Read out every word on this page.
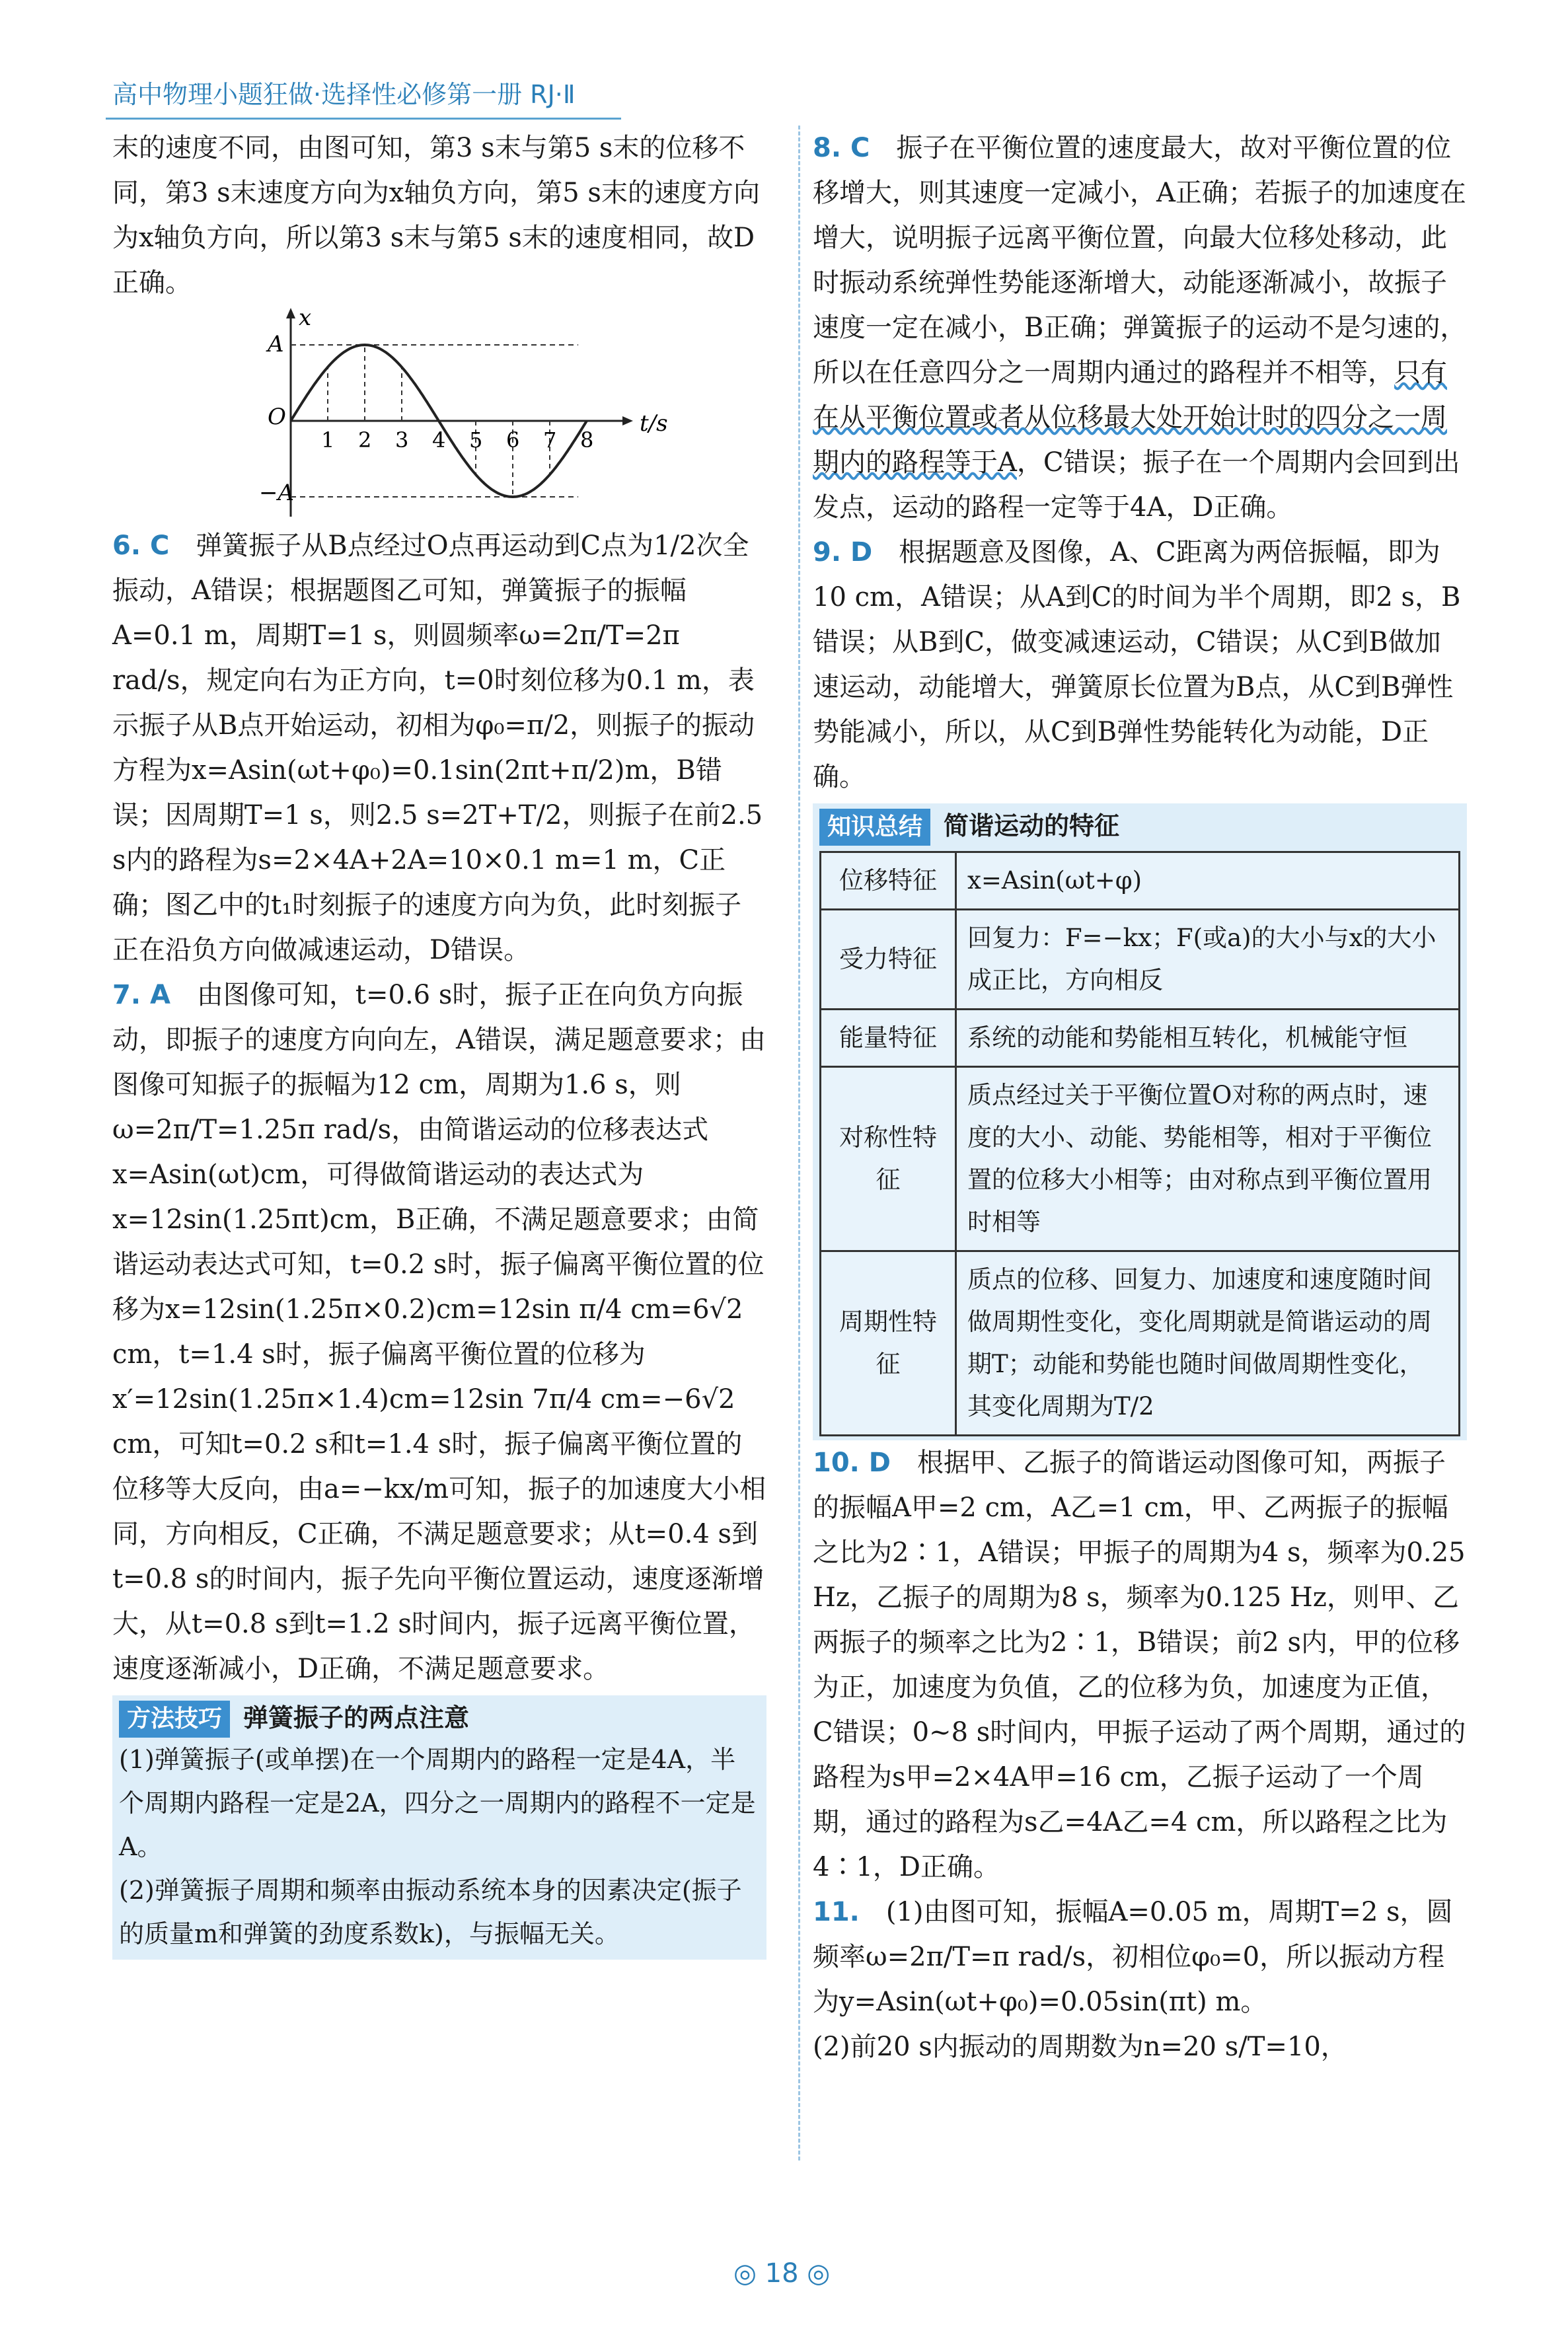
高中物理小题狂做·选择性必修第一册 RJ·Ⅱ

末的速度不同，由图可知，第3 s末与第5 s末的位移不同，第3 s末速度方向为x轴负方向，第5 s末的速度方向为x轴负方向，所以第3 s末与第5 s末的速度相同，故D正确。

x
t/s
A
O
−A
1 2 3 4 5 6 7 8

6. C　 弹簧振子从B点经过O点再运动到C点为1/2次全振动，A错误；根据题图乙可知，弹簧振子的振幅A=0.1 m，周期T=1 s，则圆频率ω=2π/T=2π rad/s，规定向右为正方向，t=0时刻位移为0.1 m，表示振子从B点开始运动，初相为φ₀=π/2，则振子的振动方程为x=Asin(ωt+φ₀)=0.1sin(2πt+π/2)m，B错误；因周期T=1 s，则2.5 s=2T+T/2，则振子在前2.5 s内的路程为s=2×4A+2A=10×0.1 m=1 m，C正确；图乙中的t₁时刻振子的速度方向为负，此时刻振子正在沿负方向做减速运动，D错误。

7. A　 由图像可知，t=0.6 s时，振子正在向负方向振动，即振子的速度方向向左，A错误，满足题意要求；由图像可知振子的振幅为12 cm，周期为1.6 s，则ω=2π/T=1.25π rad/s，由简谐运动的位移表达式x=Asin(ωt)cm，可得做简谐运动的表达式为x=12sin(1.25πt)cm，B正确，不满足题意要求；由简谐运动表达式可知，t=0.2 s时，振子偏离平衡位置的位移为x=12sin(1.25π×0.2)cm=12sin π/4 cm=6√2 cm，t=1.4 s时，振子偏离平衡位置的位移为x′=12sin(1.25π×1.4)cm=12sin 7π/4 cm=−6√2 cm，可知t=0.2 s和t=1.4 s时，振子偏离平衡位置的位移等大反向，由a=−kx/m可知，振子的加速度大小相同，方向相反，C正确，不满足题意要求；从t=0.4 s到t=0.8 s的时间内，振子先向平衡位置运动，速度逐渐增大，从t=0.8 s到t=1.2 s时间内，振子远离平衡位置，速度逐渐减小，D正确，不满足题意要求。

方法技巧 弹簧振子的两点注意
(1)弹簧振子(或单摆)在一个周期内的路程一定是4A，半个周期内路程一定是2A，四分之一周期内的路程不一定是A。
(2)弹簧振子周期和频率由振动系统本身的因素决定(振子的质量m和弹簧的劲度系数k)，与振幅无关。

8. C　 振子在平衡位置的速度最大，故对平衡位置的位移增大，则其速度一定减小，A正确；若振子的加速度在增大，说明振子远离平衡位置，向最大位移处移动，此时振动系统弹性势能逐渐增大，动能逐渐减小，故振子速度一定在减小，B正确；弹簧振子的运动不是匀速的，所以在任意四分之一周期内通过的路程并不相等，只有在从平衡位置或者从位移最大处开始计时的四分之一周期内的路程等于A，C错误；振子在一个周期内会回到出发点，运动的路程一定等于4A，D正确。

9. D　 根据题意及图像，A、C距离为两倍振幅，即为10 cm，A错误；从A到C的时间为半个周期，即2 s，B错误；从B到C，做变减速运动，C错误；从C到B做加速运动，动能增大，弹簧原长位置为B点，从C到B弹性势能减小，所以，从C到B弹性势能转化为动能，D正确。

知识总结 简谐运动的特征
位移特征	x=Asin(ωt+φ)
受力特征	回复力：F=−kx；F(或a)的大小与x的大小成正比，方向相反
能量特征	系统的动能和势能相互转化，机械能守恒
对称性特征	质点经过关于平衡位置O对称的两点时，速度的大小、动能、势能相等，相对于平衡位置的位移大小相等；由对称点到平衡位置用时相等
周期性特征	质点的位移、回复力、加速度和速度随时间做周期性变化，变化周期就是简谐运动的周期T；动能和势能也随时间做周期性变化，其变化周期为T/2

10. D　 根据甲、乙振子的简谐运动图像可知，两振子的振幅A甲=2 cm，A乙=1 cm，甲、乙两振子的振幅之比为2∶1，A错误；甲振子的周期为4 s，频率为0.25 Hz，乙振子的周期为8 s，频率为0.125 Hz，则甲、乙两振子的频率之比为2∶1，B错误；前2 s内，甲的位移为正，加速度为负值，乙的位移为负，加速度为正值，C错误；0~8 s时间内，甲振子运动了两个周期，通过的路程为s甲=2×4A甲=16 cm，乙振子运动了一个周期，通过的路程为s乙=4A乙=4 cm，所以路程之比为4∶1，D正确。

11.　 (1)由图可知，振幅A=0.05 m，周期T=2 s，圆频率ω=2π/T=π rad/s，初相位φ₀=0，所以振动方程为y=Asin(ωt+φ₀)=0.05sin(πt) m。

(2)前20 s内振动的周期数为n=20 s/T=10，

◎ 18 ◎
